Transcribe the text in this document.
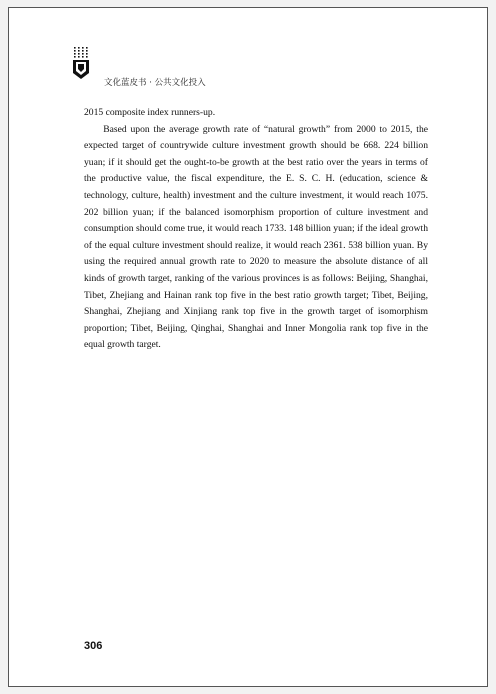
文化蓝皮书 · 公共文化投入

2015 composite index runners-up.

Based upon the average growth rate of “natural growth” from 2000 to 2015, the expected target of countrywide culture investment growth should be 668. 224 billion yuan; if it should get the ought-to-be growth at the best ratio over the years in terms of the productive value, the fiscal expenditure, the E. S. C. H. (education, science & technology, culture, health) investment and the culture investment, it would reach 1075. 202 billion yuan; if the balanced isomorphism proportion of culture investment and consumption should come true, it would reach 1733. 148 billion yuan; if the ideal growth of the equal culture investment should realize, it would reach 2361. 538 billion yuan. By using the required annual growth rate to 2020 to measure the absolute distance of all kinds of growth target, ranking of the various provinces is as follows: Beijing, Shanghai, Tibet, Zhejiang and Hainan rank top five in the best ratio growth target; Tibet, Beijing, Shanghai, Zhejiang and Xinjiang rank top five in the growth target of isomorphism proportion; Tibet, Beijing, Qinghai, Shanghai and Inner Mongolia rank top five in the equal growth target.

306
